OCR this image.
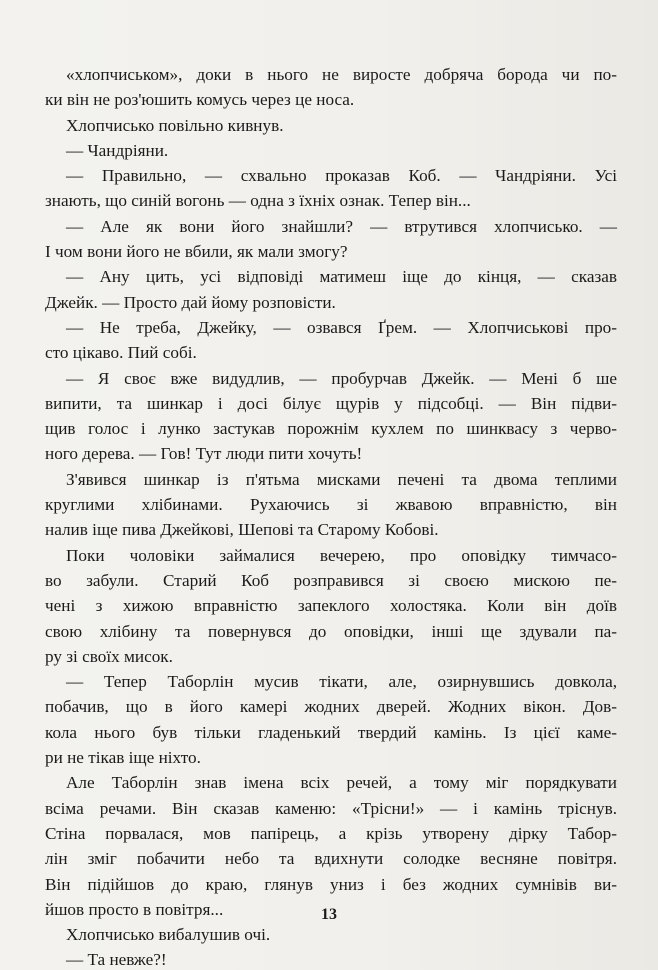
«хлопчиськом», доки в нього не виросте добряча борода чи по-
ки він не роз'юшить комусь через це носа.

Хлопчисько повільно кивнув.

— Чандріяни.

— Правильно, — схвально проказав Коб. — Чандріяни. Усі
знають, що синій вогонь — одна з їхніх ознак. Тепер він...

— Але як вони його знайшли? — втрутився хлопчисько. —
І чом вони його не вбили, як мали змогу?

— Ану цить, усі відповіді матимеш іще до кінця, — сказав
Джейк. — Просто дай йому розповісти.

— Не треба, Джейку, — озвався Ґрем. — Хлопчиськові про-
сто цікаво. Пий собі.

— Я своє вже видудлив, — пробурчав Джейк. — Мені б ше
випити, та шинкар і досі білує щурів у підсобці. — Він підви-
щив голос і лунко застукав порожнім кухлем по шинквасу з черво-
ного дерева. — Гов! Тут люди пити хочуть!

З'явився шинкар із п'ятьма мисками печені та двома теплими
круглими хлібинами. Рухаючись зі жвавою вправністю, він
налив іще пива Джейкові, Шепові та Старому Кобові.

Поки чоловіки займалися вечерею, про оповідку тимчасо-
во забули. Старий Коб розправився зі своєю мискою пе-
чені з хижою вправністю запеклого холостяка. Коли він доїв
свою хлібину та повернувся до оповідки, інші ще здували па-
ру зі своїх мисок.

— Тепер Таборлін мусив тікати, але, озирнувшись довкола,
побачив, що в його камері жодних дверей. Жодних вікон. Дов-
кола нього був тільки гладенький твердий камінь. Із цієї каме-
ри не тікав іще ніхто.

Але Таборлін знав імена всіх речей, а тому міг порядкувати
всіма речами. Він сказав каменю: «Трісни!» — і камінь тріснув.
Стіна порвалася, мов папірець, а крізь утворену дірку Табор-
лін зміг побачити небо та вдихнути солодке весняне повітря.
Він підійшов до краю, глянув униз і без жодних сумнівів ви-
йшов просто в повітря...

Хлопчисько вибалушив очі.

— Та невже?!

13
